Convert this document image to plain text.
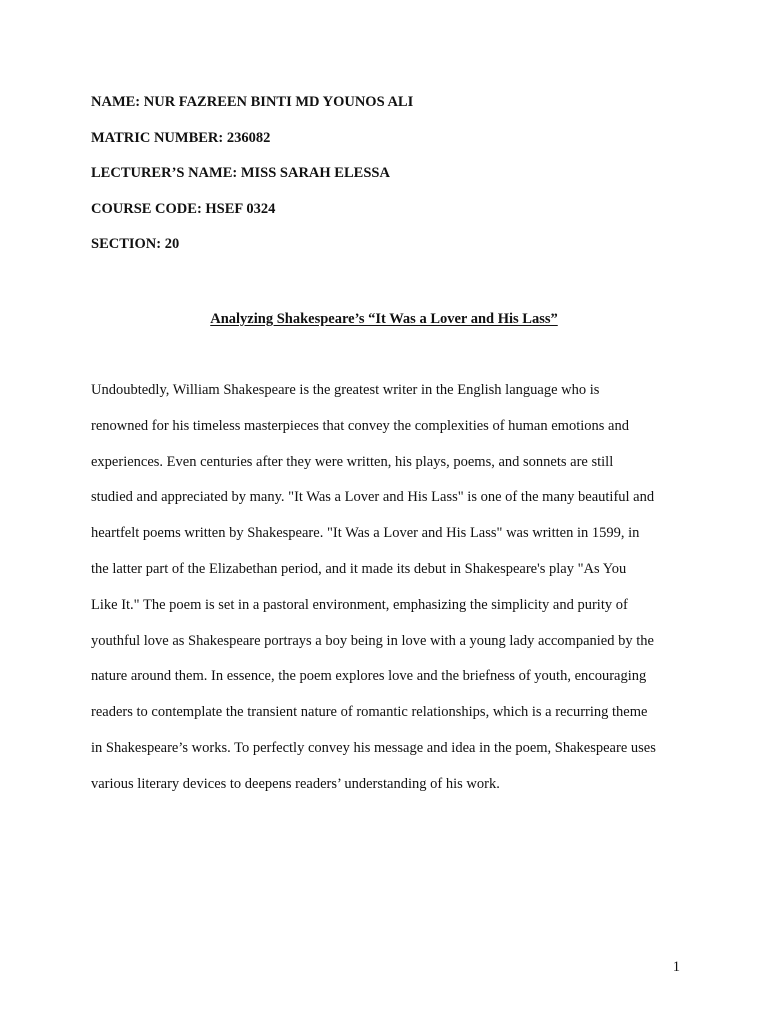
NAME: NUR FAZREEN BINTI MD YOUNOS ALI

MATRIC NUMBER: 236082

LECTURER’S NAME: MISS SARAH ELESSA

COURSE CODE: HSEF 0324

SECTION: 20

Analyzing Shakespeare’s “It Was a Lover and His Lass”

Undoubtedly, William Shakespeare is the greatest writer in the English language who is

renowned for his timeless masterpieces that convey the complexities of human emotions and

experiences. Even centuries after they were written, his plays, poems, and sonnets are still

studied and appreciated by many. "It Was a Lover and His Lass" is one of the many beautiful and

heartfelt poems written by Shakespeare. "It Was a Lover and His Lass" was written in 1599, in

the latter part of the Elizabethan period, and it made its debut in Shakespeare's play "As You

Like It." The poem is set in a pastoral environment, emphasizing the simplicity and purity of

youthful love as Shakespeare portrays a boy being in love with a young lady accompanied by the

nature around them. In essence, the poem explores love and the briefness of youth, encouraging

readers to contemplate the transient nature of romantic relationships, which is a recurring theme

in Shakespeare’s works. To perfectly convey his message and idea in the poem, Shakespeare uses

various literary devices to deepens readers’ understanding of his work.

1
